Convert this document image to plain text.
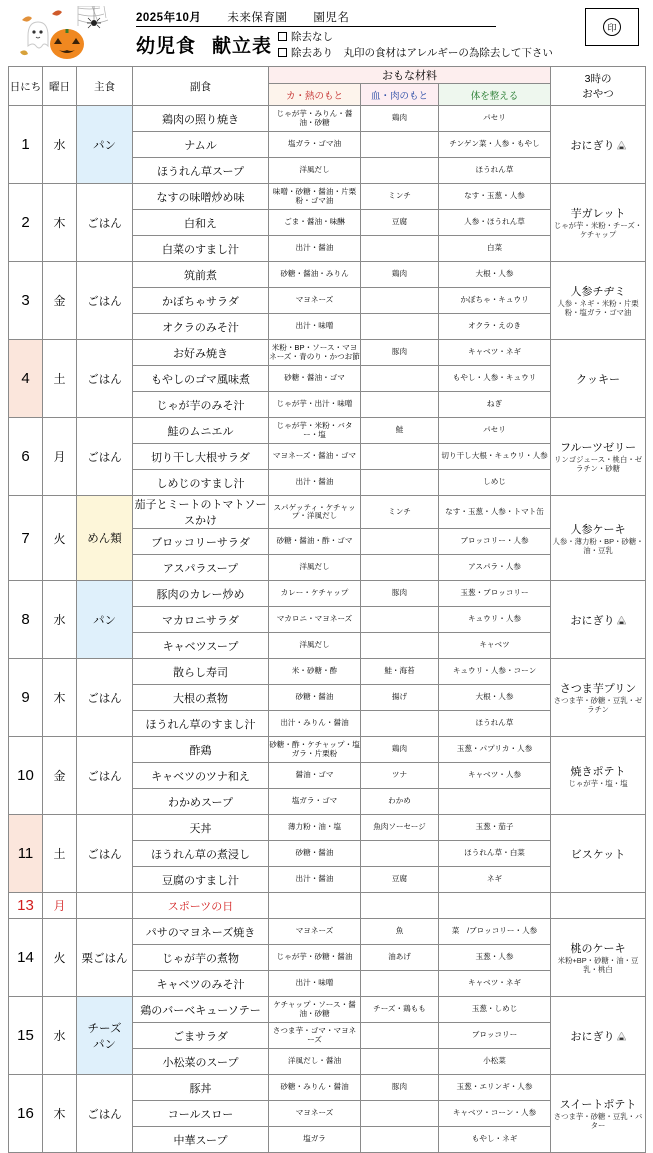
2025年10月 未来保育園 園児名
幼児食 献立表	除去なし
除去あり　丸印の食材はアレルギーの為除去して下さい
印
日にち	曜日	主食	副食	おもな材料			3時の
おやつ

				カ・熱のもと	血・肉のもと	体を整える	
1	水	パン	鶏肉の照り焼き	じゃが芋・みりん・醤油・砂糖	鶏肉	パセリ	おにぎり

			ナムル	塩ガラ・ゴマ油		チンゲン菜・人参・もやし	
			ほうれん草スープ	洋風だし		ほうれん草	
2	木	ごはん	なすの味噌炒め味	味噌・砂糖・醤油・片栗粉・ゴマ油	ミンチ	なす・玉葱・人参	芋ガレット
じゃが芋・米粉・チーズ・ケチャップ

			白和え	ごま・醤油・味醂	豆腐	人参・ほうれん草	
			白菜のすまし汁	出汁・醤油		白菜	
3	金	ごはん	筑前煮	砂糖・醤油・みりん	鶏肉	大根・人参	人参チヂミ
人参・ネギ・米粉・片栗粉・塩ガラ・ゴマ油

			かぼちゃサラダ	マヨネーズ		かぼちゃ・キュウリ	
			オクラのみそ汁	出汁・味噌		オクラ・えのき	
4	土	ごはん	お好み焼き	米粉・BP・ソース・マヨネーズ・青のり・かつお節	豚肉	キャベツ・ネギ	クッキー

			もやしのゴマ風味煮	砂糖・醤油・ゴマ		もやし・人参・キュウリ	
			じゃが芋のみそ汁	じゃが芋・出汁・味噌		ねぎ	
6	月	ごはん	鮭のムニエル	じゃが芋・米粉・バター・塩	鮭	パセリ	フルーツゼリー
リンゴジュース・桃白・ゼラチン・砂糖

			切り干し大根サラダ	マヨネーズ・醤油・ゴマ		切り干し大根・キュウリ・人参	
			しめじのすまし汁	出汁・醤油		しめじ	
7	火	めん類	茄子とミートのトマトソースかけ	スパゲッティ・ケチャップ・洋風だし	ミンチ	なす・玉葱・人参・トマト缶	人参ケーキ
人参・薄力粉・BP・砂糖・油・豆乳

			ブロッコリーサラダ	砂糖・醤油・酢・ゴマ		ブロッコリー・人参	
			アスパラスープ	洋風だし		アスパラ・人参	
8	水	パン	豚肉のカレー炒め	カレー・ケチャップ	豚肉	玉葱・ブロッコリー	おにぎり

			マカロニサラダ	マカロニ・マヨネーズ		キュウリ・人参	
			キャベツスープ	洋風だし		キャベツ	
9	木	ごはん	散らし寿司	米・砂糖・酢	鮭・海苔	キュウリ・人参・コーン	さつま芋プリン
さつま芋・砂糖・豆乳・ゼラチン

			大根の煮物	砂糖・醤油	揚げ	大根・人参	
			ほうれん草のすまし汁	出汁・みりん・醤油		ほうれん草	
10	金	ごはん	酢鶏	砂糖・酢・ケチャップ・塩ガラ・片栗粉	鶏肉	玉葱・パプリカ・人参	焼きポテト
じゃが芋・塩・塩

			キャベツのツナ和え	醤油・ゴマ	ツナ	キャベツ・人参	
			わかめスープ	塩ガラ・ゴマ	わかめ		
11	土	ごはん	天丼	薄力粉・油・塩	魚肉ソーセージ	玉葱・茄子	ビスケット

			ほうれん草の煮浸し	砂糖・醤油		ほうれん草・白菜	
			豆腐のすまし汁	出汁・醤油	豆腐	ネギ	
13	月		スポーツの日				

14	火	栗ごはん	パサのマヨネーズ焼き	マヨネーズ	魚	菜　/ブロッコリー・人参	桃のケーキ
米粉+BP・砂糖・油・豆乳・桃白

			じゃが芋の煮物	じゃが芋・砂糖・醤油	油あげ	玉葱・人参	
			キャベツのみそ汁	出汁・味噌		キャベツ・ネギ	
15	水	チーズ
パン	鶏のバーベキューソテー	ケチャップ・ソース・醤油・砂糖	チーズ・鶏もも	玉葱・しめじ	おにぎり

			ごまサラダ	さつま芋・ゴマ・マヨネーズ		ブロッコリー	
			小松菜のスープ	洋風だし・醤油		小松菜	
16	木	ごはん	豚丼	砂糖・みりん・醤油	豚肉	玉葱・エリンギ・人参	スイートポテト
さつま芋・砂糖・豆乳・バター

			コールスロー	マヨネーズ		キャベツ・コーン・人参	
			中華スープ	塩ガラ		もやし・ネギ	
